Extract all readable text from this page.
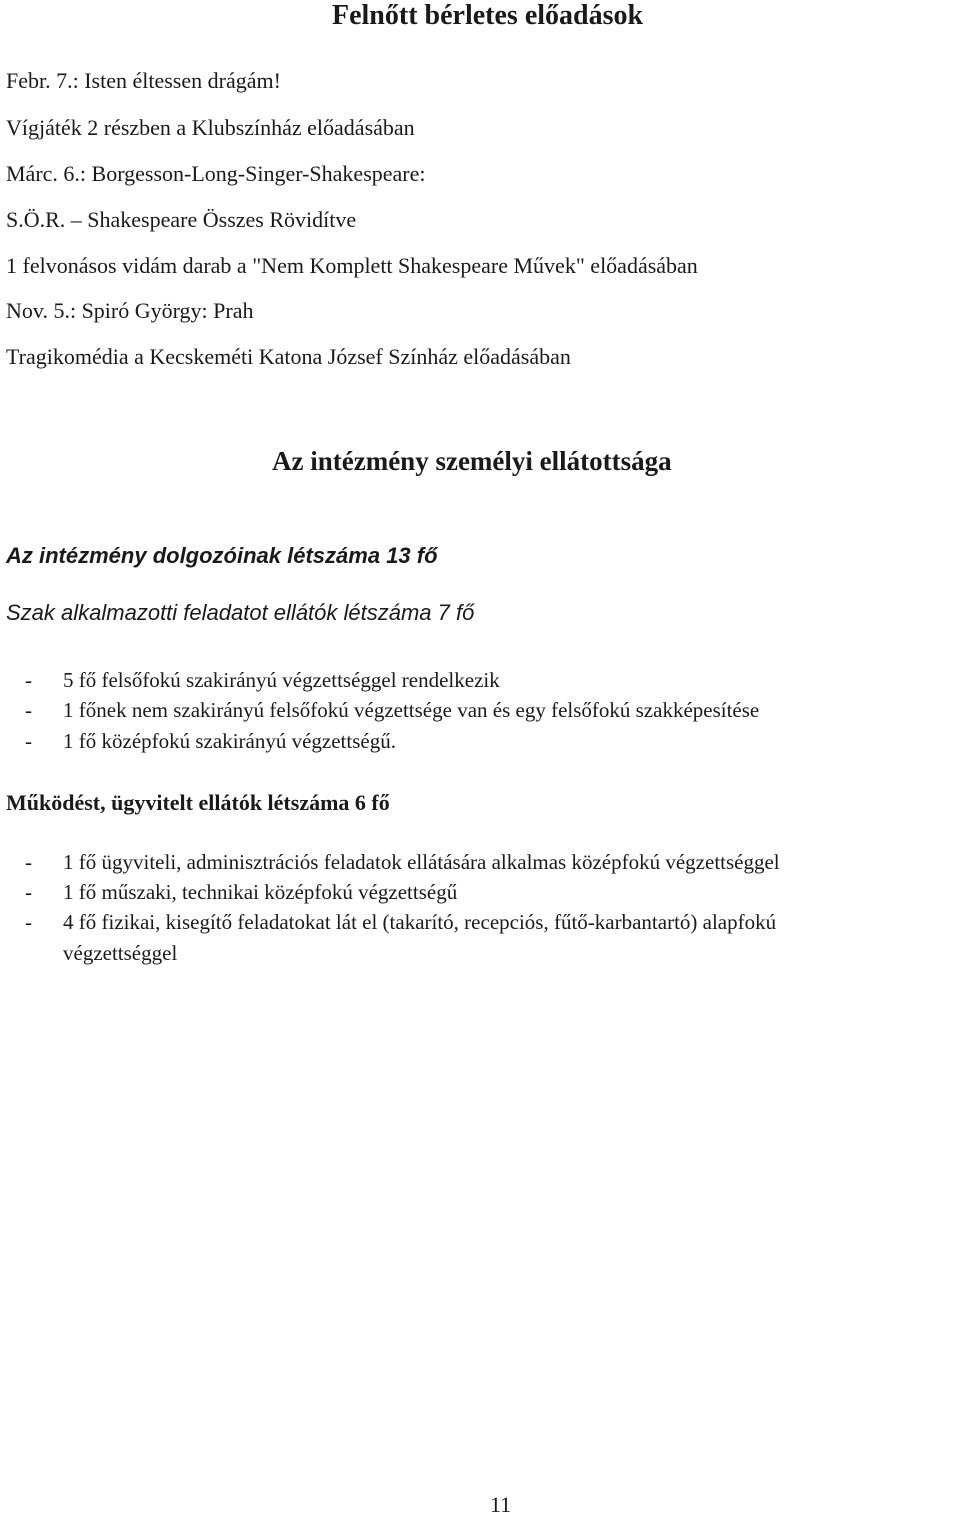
Felnőtt bérletes előadások
Febr. 7.: Isten éltessen drágám!
Vígjáték 2 részben a Klubszínház előadásában
Márc. 6.: Borgesson-Long-Singer-Shakespeare:
S.Ö.R. – Shakespeare Összes Rövidítve
1 felvonásos vidám darab a "Nem Komplett Shakespeare Művek" előadásában
Nov. 5.: Spiró György: Prah
Tragikomédia a Kecskeméti Katona József Színház előadásában
Az intézmény személyi ellátottsága
Az intézmény dolgozóinak létszáma 13 fő
Szak alkalmazotti feladatot ellátók létszáma 7 fő
- 5 fő felsőfokú szakirányú végzettséggel rendelkezik
- 1 főnek nem szakirányú felsőfokú végzettsége van és egy felsőfokú szakképesítése
- 1 fő középfokú szakirányú végzettségű.
Működést, ügyvitelt ellátók létszáma 6 fő
- 1 fő ügyviteli, adminisztrációs feladatok ellátására alkalmas középfokú végzettséggel
- 1 fő műszaki, technikai középfokú végzettségű
- 4 fő fizikai, kisegítő feladatokat lát el (takarító, recepciós, fűtő-karbantartó) alapfokú
végzettséggel
11
